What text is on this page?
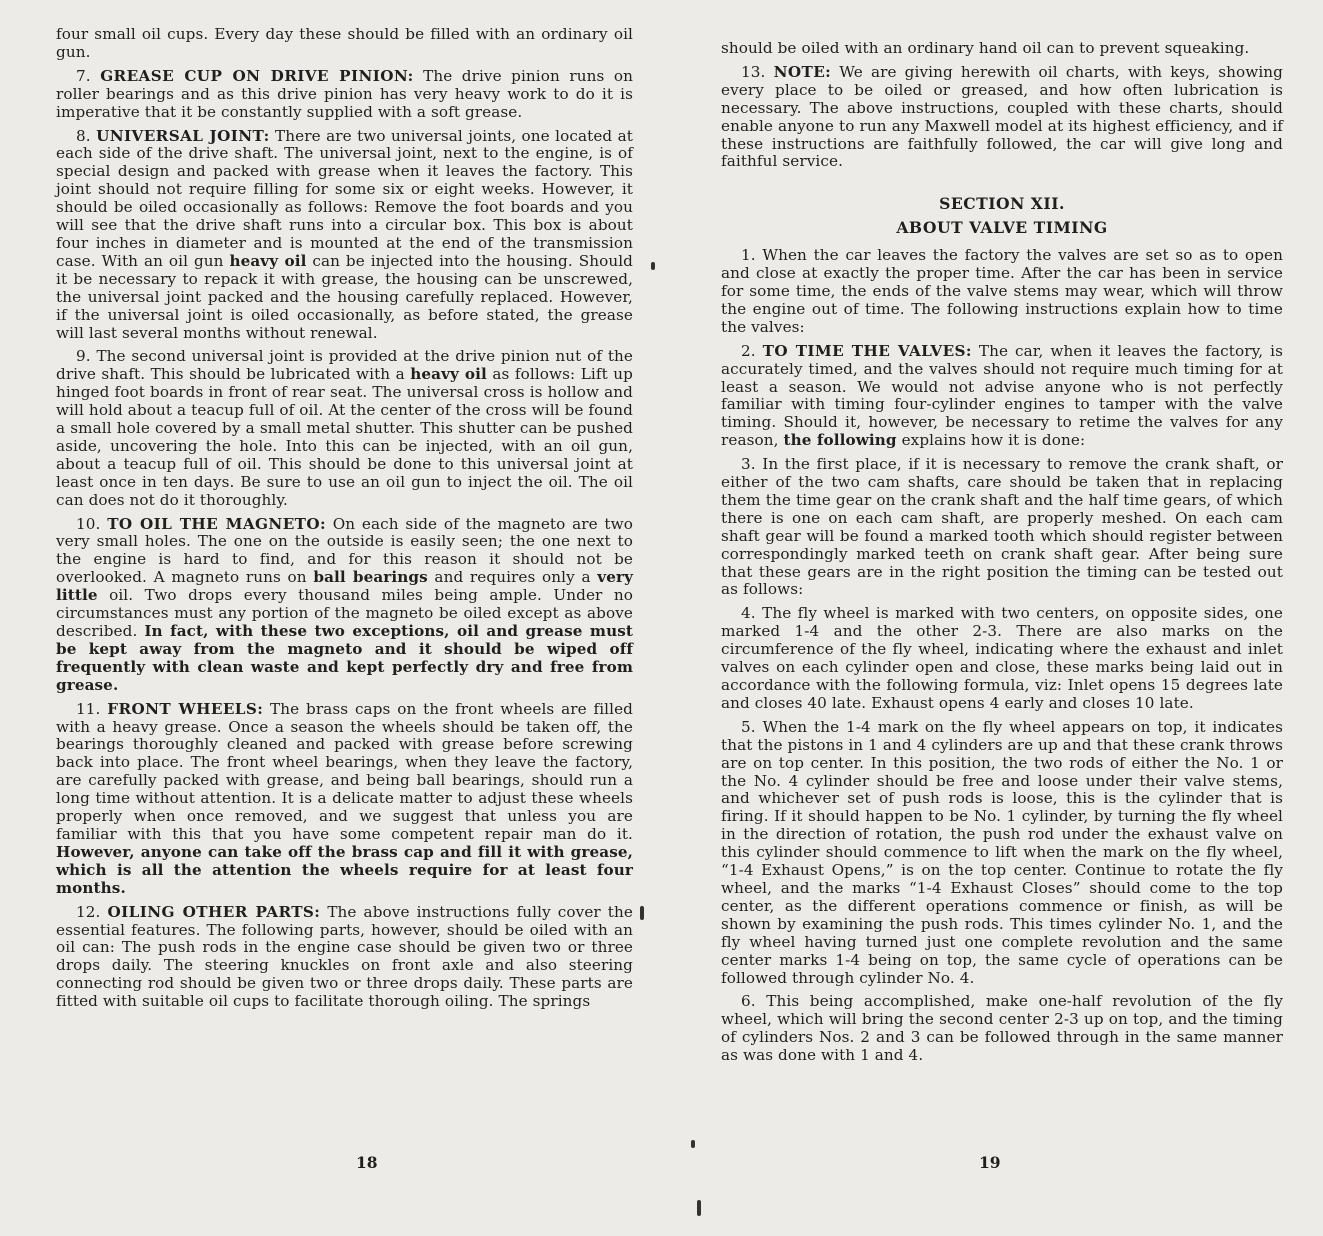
four small oil cups. Every day these should be filled with an ordinary oil gun.

7. GREASE CUP ON DRIVE PINION: The drive pinion runs on roller bearings and as this drive pinion has very heavy work to do it is imperative that it be constantly supplied with a soft grease.

8. UNIVERSAL JOINT: There are two universal joints, one located at each side of the drive shaft. The universal joint, next to the engine, is of special design and packed with grease when it leaves the factory. This joint should not require filling for some six or eight weeks. However, it should be oiled occasionally as follows: Remove the foot boards and you will see that the drive shaft runs into a circular box. This box is about four inches in diameter and is mounted at the end of the transmission case. With an oil gun heavy oil can be injected into the housing. Should it be necessary to repack it with grease, the housing can be unscrewed, the universal joint packed and the housing carefully replaced. However, if the universal joint is oiled occasionally, as before stated, the grease will last several months without renewal.

9. The second universal joint is provided at the drive pinion nut of the drive shaft. This should be lubricated with a heavy oil as follows: Lift up hinged foot boards in front of rear seat. The universal cross is hollow and will hold about a teacup full of oil. At the center of the cross will be found a small hole covered by a small metal shutter. This shutter can be pushed aside, uncovering the hole. Into this can be injected, with an oil gun, about a teacup full of oil. This should be done to this universal joint at least once in ten days. Be sure to use an oil gun to inject the oil. The oil can does not do it thoroughly.

10. TO OIL THE MAGNETO: On each side of the magneto are two very small holes. The one on the outside is easily seen; the one next to the engine is hard to find, and for this reason it should not be overlooked. A magneto runs on ball bearings and requires only a very little oil. Two drops every thousand miles being ample. Under no circumstances must any portion of the magneto be oiled except as above described. In fact, with these two exceptions, oil and grease must be kept away from the magneto and it should be wiped off frequently with clean waste and kept perfectly dry and free from grease.

11. FRONT WHEELS: The brass caps on the front wheels are filled with a heavy grease. Once a season the wheels should be taken off, the bearings thoroughly cleaned and packed with grease before screwing back into place. The front wheel bearings, when they leave the factory, are carefully packed with grease, and being ball bearings, should run a long time without attention. It is a delicate matter to adjust these wheels properly when once removed, and we suggest that unless you are familiar with this that you have some competent repair man do it. However, anyone can take off the brass cap and fill it with grease, which is all the attention the wheels require for at least four months.

12. OILING OTHER PARTS: The above instructions fully cover the essential features. The following parts, however, should be oiled with an oil can: The push rods in the engine case should be given two or three drops daily. The steering knuckles on front axle and also steering connecting rod should be given two or three drops daily. These parts are fitted with suitable oil cups to facilitate thorough oiling. The springs

18

should be oiled with an ordinary hand oil can to prevent squeaking.

13. NOTE: We are giving herewith oil charts, with keys, showing every place to be oiled or greased, and how often lubrication is necessary. The above instructions, coupled with these charts, should enable anyone to run any Maxwell model at its highest efficiency, and if these instructions are faithfully followed, the car will give long and faithful service.

SECTION XII.
ABOUT VALVE TIMING

1. When the car leaves the factory the valves are set so as to open and close at exactly the proper time. After the car has been in service for some time, the ends of the valve stems may wear, which will throw the engine out of time. The following instructions explain how to time the valves:

2. TO TIME THE VALVES: The car, when it leaves the factory, is accurately timed, and the valves should not require much timing for at least a season. We would not advise anyone who is not perfectly familiar with timing four-cylinder engines to tamper with the valve timing. Should it, however, be necessary to retime the valves for any reason, the following explains how it is done:

3. In the first place, if it is necessary to remove the crank shaft, or either of the two cam shafts, care should be taken that in replacing them the time gear on the crank shaft and the half time gears, of which there is one on each cam shaft, are properly meshed. On each cam shaft gear will be found a marked tooth which should register between correspondingly marked teeth on crank shaft gear. After being sure that these gears are in the right position the timing can be tested out as follows:

4. The fly wheel is marked with two centers, on opposite sides, one marked 1-4 and the other 2-3. There are also marks on the circumference of the fly wheel, indicating where the exhaust and inlet valves on each cylinder open and close, these marks being laid out in accordance with the following formula, viz: Inlet opens 15 degrees late and closes 40 late. Exhaust opens 4 early and closes 10 late.

5. When the 1-4 mark on the fly wheel appears on top, it indicates that the pistons in 1 and 4 cylinders are up and that these crank throws are on top center. In this position, the two rods of either the No. 1 or the No. 4 cylinder should be free and loose under their valve stems, and whichever set of push rods is loose, this is the cylinder that is firing. If it should happen to be No. 1 cylinder, by turning the fly wheel in the direction of rotation, the push rod under the exhaust valve on this cylinder should commence to lift when the mark on the fly wheel, “1-4 Exhaust Opens,” is on the top center. Continue to rotate the fly wheel, and the marks “1-4 Exhaust Closes” should come to the top center, as the different operations commence or finish, as will be shown by examining the push rods. This times cylinder No. 1, and the fly wheel having turned just one complete revolution and the same center marks 1-4 being on top, the same cycle of operations can be followed through cylinder No. 4.

6. This being accomplished, make one-half revolution of the fly wheel, which will bring the second center 2-3 up on top, and the timing of cylinders Nos. 2 and 3 can be followed through in the same manner as was done with 1 and 4.

19
